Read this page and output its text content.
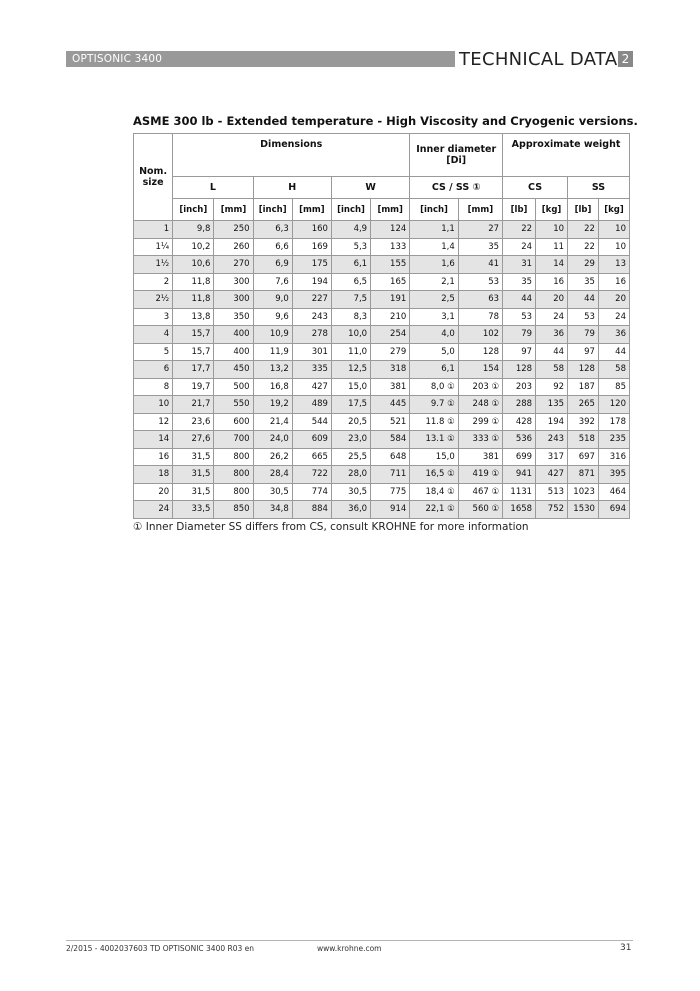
OPTISONIC 3400	TECHNICAL DATA 2
ASME 300 lb - Extended temperature - High Viscosity and Cryogenic versions.
Nom. size	Dimensions						Inner diameter [Di]		Approximate weight			
	L		H		W		CS / SS ①		CS		SS	
	[inch]	[mm]	[inch]	[mm]	[inch]	[mm]	[inch]	[mm]	[lb]	[kg]	[lb]	[kg]
1	9,8	250	6,3	160	4,9	124	1,1	27	22	10	22	10
1¼	10,2	260	6,6	169	5,3	133	1,4	35	24	11	22	10
1½	10,6	270	6,9	175	6,1	155	1,6	41	31	14	29	13
2	11,8	300	7,6	194	6,5	165	2,1	53	35	16	35	16
2½	11,8	300	9,0	227	7,5	191	2,5	63	44	20	44	20
3	13,8	350	9,6	243	8,3	210	3,1	78	53	24	53	24
4	15,7	400	10,9	278	10,0	254	4,0	102	79	36	79	36
5	15,7	400	11,9	301	11,0	279	5,0	128	97	44	97	44
6	17,7	450	13,2	335	12,5	318	6,1	154	128	58	128	58
8	19,7	500	16,8	427	15,0	381	8,0 ①	203 ①	203	92	187	85
10	21,7	550	19,2	489	17,5	445	9.7 ①	248 ①	288	135	265	120
12	23,6	600	21,4	544	20,5	521	11.8 ①	299 ①	428	194	392	178
14	27,6	700	24,0	609	23,0	584	13.1 ①	333 ①	536	243	518	235
16	31,5	800	26,2	665	25,5	648	15,0	381	699	317	697	316
18	31,5	800	28,4	722	28,0	711	16,5 ①	419 ①	941	427	871	395
20	31,5	800	30,5	774	30,5	775	18,4 ①	467 ①	1131	513	1023	464
24	33,5	850	34,8	884	36,0	914	22,1 ①	560 ①	1658	752	1530	694
① Inner Diameter SS differs from CS, consult KROHNE for more information
2/2015 - 4002037603 TD OPTISONIC 3400 R03 en	www.krohne.com	31
